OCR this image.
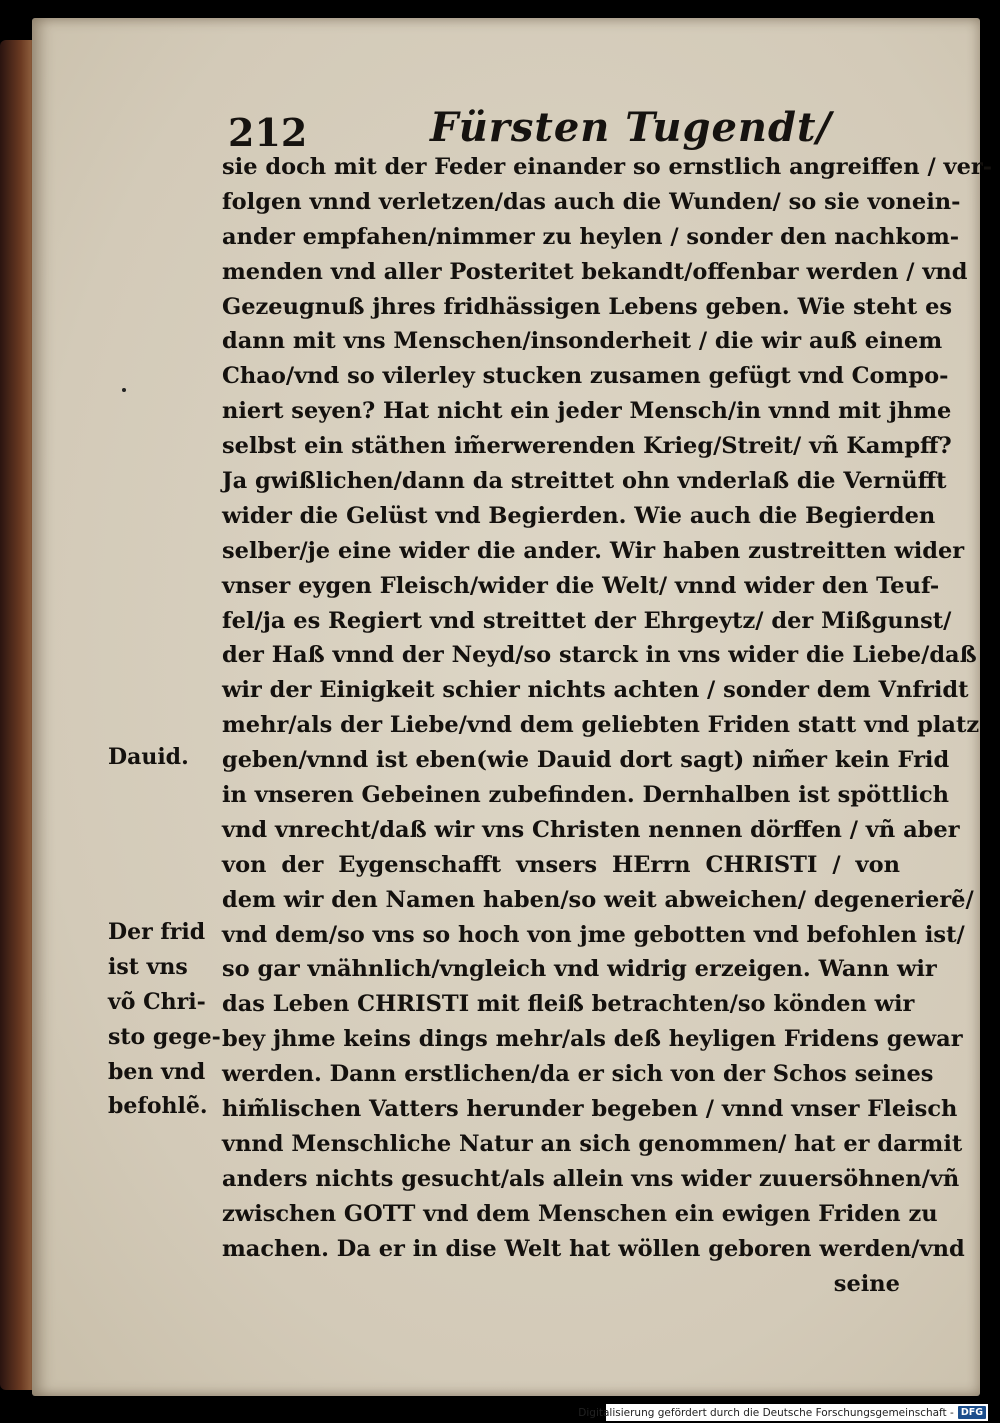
212	Fürsten Tugendt/
sie doch mit der Feder einander so ernstlich angreiffen / ver-
folgen vnnd verletzen/das auch die Wunden/ so sie vonein-
ander empfahen/nimmer zu heylen / sonder den nachkom-
menden vnd aller Posteritet bekandt/offenbar werden / vnd
Gezeugnuß jhres fridhässigen Lebens geben. Wie steht es
dann mit vns Menschen/insonderheit / die wir auß einem
Chao/vnd so vilerley stucken zusamen gefügt vnd Compo-
niert seyen? Hat nicht ein jeder Mensch/in vnnd mit jhme
selbst ein stäthen im̃erwerenden Krieg/Streit/ vñ Kampff?
Ja gwißlichen/dann da streittet ohn vnderlaß die Vernüfft
wider die Gelüst vnd Begierden. Wie auch die Begierden
selber/je eine wider die ander. Wir haben zustreitten wider
vnser eygen Fleisch/wider die Welt/ vnnd wider den Teuf-
fel/ja es Regiert vnd streittet der Ehrgeytz/ der Mißgunst/
der Haß vnnd der Neyd/so starck in vns wider die Liebe/daß
wir der Einigkeit schier nichts achten / sonder dem Vnfridt
mehr/als der Liebe/vnd dem geliebten Friden statt vnd platz
geben/vnnd ist eben(wie Dauid dort sagt) nim̃er kein Frid
in vnseren Gebeinen zubefinden. Dernhalben ist spöttlich
vnd vnrecht/daß wir vns Christen nennen dörffen / vñ aber
von der Eygenschafft vnsers HErrn CHRISTI / von
dem wir den Namen haben/so weit abweichen/ degenerierẽ/
vnd dem/so vns so hoch von jme gebotten vnd befohlen ist/
so gar vnähnlich/vngleich vnd widrig erzeigen. Wann wir
das Leben CHRISTI mit fleiß betrachten/so könden wir
bey jhme keins dings mehr/als deß heyligen Fridens gewar
werden. Dann erstlichen/da er sich von der Schos seines
him̃lischen Vatters herunder begeben / vnnd vnser Fleisch
vnnd Menschliche Natur an sich genommen/ hat er darmit
anders nichts gesucht/als allein vns wider zuuersöhnen/vñ
zwischen GOTT vnd dem Menschen ein ewigen Friden zu
machen. Da er in dise Welt hat wöllen geboren werden/vnd
seine
Dauid.
Der frid
ist vns
võ Chri-
sto gege-
ben vnd
befohlẽ.
Digitalisierung gefördert durch die Deutsche Forschungsgemeinschaft - DFG
